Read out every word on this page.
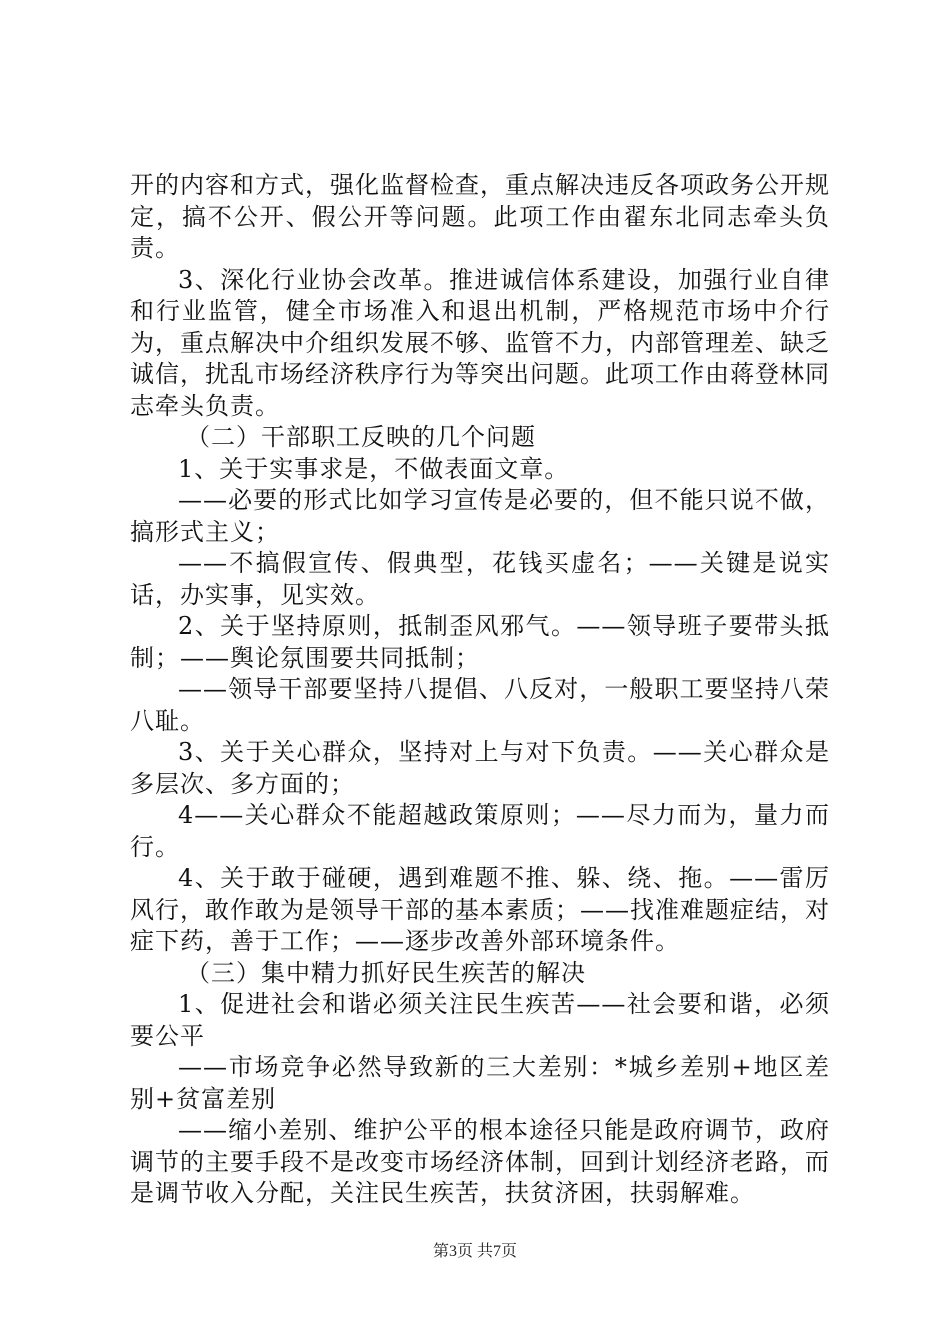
开的内容和方式，强化监督检查，重点解决违反各项政务公开规定，搞不公开、假公开等问题。此项工作由翟东北同志牵头负责。

3、深化行业协会改革。推进诚信体系建设，加强行业自律和行业监管，健全市场准入和退出机制，严格规范市场中介行为，重点解决中介组织发展不够、监管不力，内部管理差、缺乏诚信，扰乱市场经济秩序行为等突出问题。此项工作由蒋登林同志牵头负责。

（二）干部职工反映的几个问题

1、关于实事求是，不做表面文章。

——必要的形式比如学习宣传是必要的，但不能只说不做，搞形式主义；

——不搞假宣传、假典型，花钱买虚名；——关键是说实话，办实事，见实效。

2、关于坚持原则，抵制歪风邪气。——领导班子要带头抵制；——舆论氛围要共同抵制；

——领导干部要坚持八提倡、八反对，一般职工要坚持八荣八耻。

3、关于关心群众，坚持对上与对下负责。——关心群众是多层次、多方面的；

4——关心群众不能超越政策原则；——尽力而为，量力而行。

4、关于敢于碰硬，遇到难题不推、躲、绕、拖。——雷厉风行，敢作敢为是领导干部的基本素质；——找准难题症结，对症下药，善于工作；——逐步改善外部环境条件。

（三）集中精力抓好民生疾苦的解决

1、促进社会和谐必须关注民生疾苦——社会要和谐，必须要公平

——市场竞争必然导致新的三大差别：*城乡差别+地区差别+贫富差别

——缩小差别、维护公平的根本途径只能是政府调节，政府调节的主要手段不是改变市场经济体制，回到计划经济老路，而是调节收入分配，关注民生疾苦，扶贫济困，扶弱解难。

第3页 共7页
